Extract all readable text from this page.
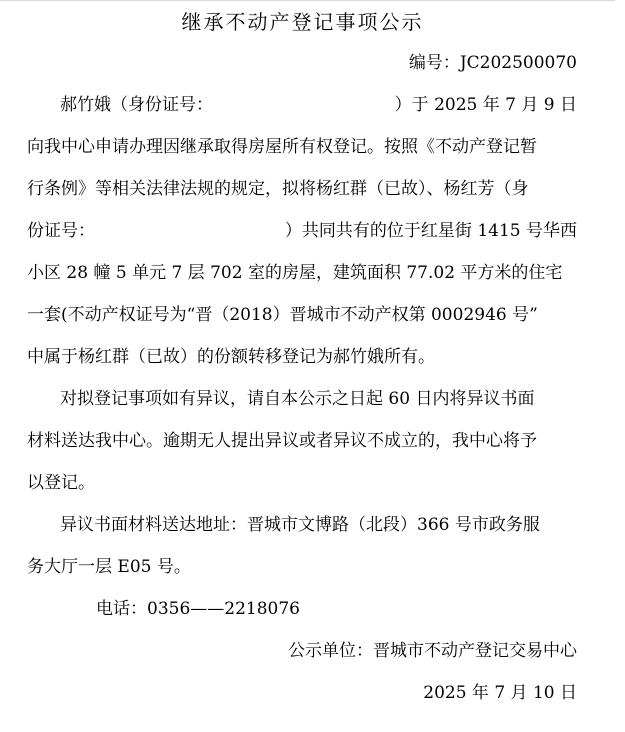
继承不动产登记事项公示
编号：JC202500070
郝竹娥（身份证号：	）于 2025 年 7 月 9 日
向我中心申请办理因继承取得房屋所有权登记。按照《不动产登记暂
行条例》等相关法律法规的规定，拟将杨红群（已故）、杨红芳（身
份证号：	）共同共有的位于红星街 1415 号华西
小区 28 幢 5 单元 7 层 702 室的房屋，建筑面积 77.02 平方米的住宅
一套(不动产权证号为“晋（2018）晋城市不动产权第 0002946 号”
中属于杨红群（已故）的份额转移登记为郝竹娥所有。
对拟登记事项如有异议，请自本公示之日起 60 日内将异议书面
材料送达我中心。逾期无人提出异议或者异议不成立的，我中心将予
以登记。
异议书面材料送达地址：晋城市文博路（北段）366 号市政务服
务大厅一层 E05 号。
电话：0356——2218076
公示单位：晋城市不动产登记交易中心
2025 年 7 月 10 日
